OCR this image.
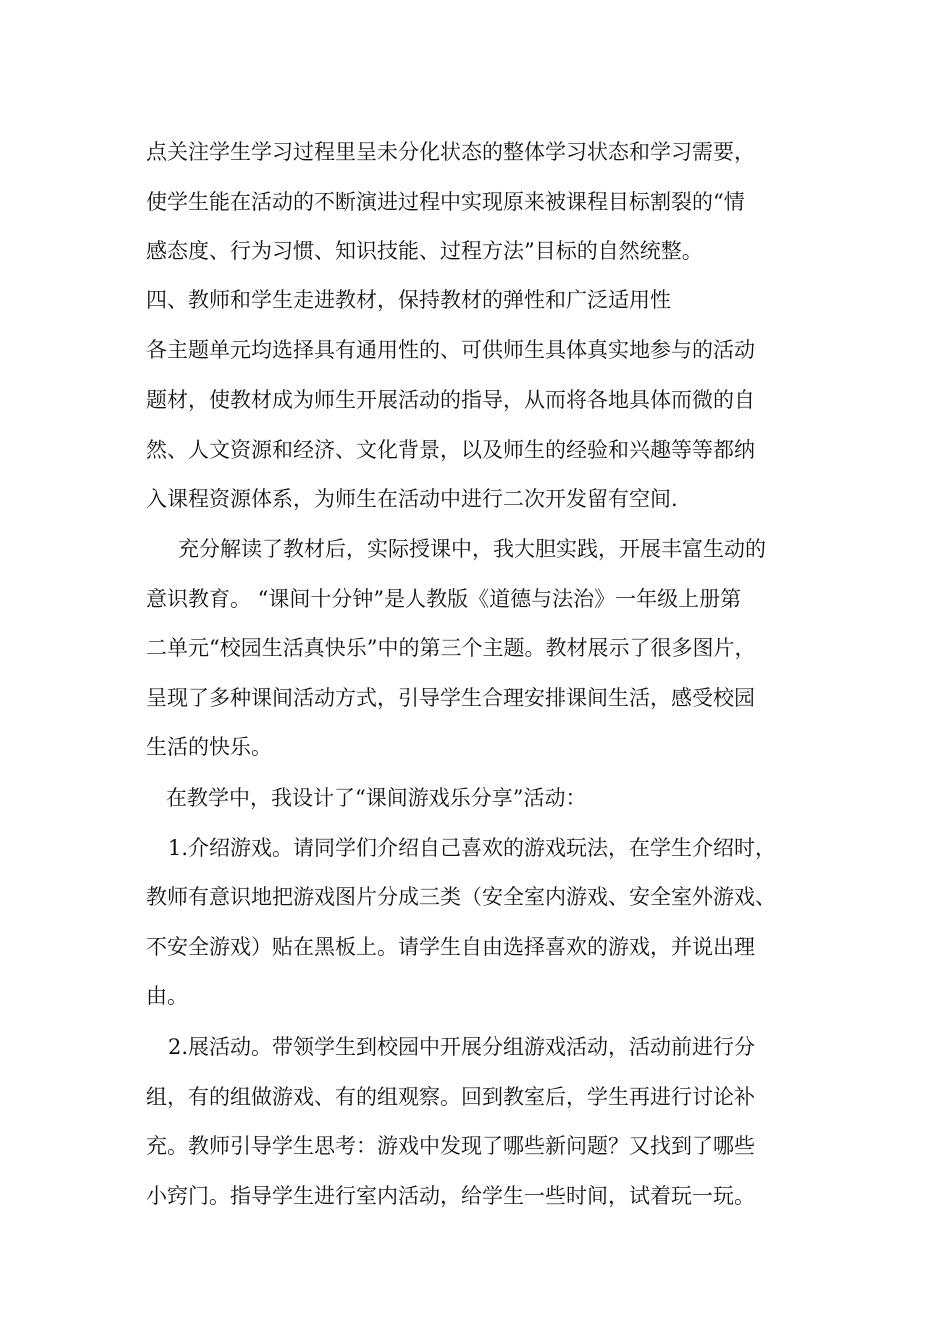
点关注学生学习过程里呈未分化状态的整体学习状态和学习需要，
使学生能在活动的不断演进过程中实现原来被课程目标割裂的“情
感态度、行为习惯、知识技能、过程方法”目标的自然统整。
四、教师和学生走进教材，保持教材的弹性和广泛适用性
各主题单元均选择具有通用性的、可供师生具体真实地参与的活动
题材，使教材成为师生开展活动的指导，从而将各地具体而微的自
然、人文资源和经济、文化背景，以及师生的经验和兴趣等等都纳
入课程资源体系，为师生在活动中进行二次开发留有空间.
充分解读了教材后，实际授课中，我大胆实践，开展丰富生动的
意识教育。 “课间十分钟”是人教版《道德与法治》一年级上册第
二单元“校园生活真快乐”中的第三个主题。教材展示了很多图片，
呈现了多种课间活动方式，引导学生合理安排课间生活，感受校园
生活的快乐。
在教学中，我设计了“课间游戏乐分享”活动：
1.介绍游戏。请同学们介绍自己喜欢的游戏玩法，在学生介绍时，
教师有意识地把游戏图片分成三类（安全室内游戏、安全室外游戏、
不安全游戏）贴在黑板上。请学生自由选择喜欢的游戏，并说出理
由。
2.展活动。带领学生到校园中开展分组游戏活动，活动前进行分
组，有的组做游戏、有的组观察。回到教室后，学生再进行讨论补
充。教师引导学生思考：游戏中发现了哪些新问题？又找到了哪些
小窍门。指导学生进行室内活动，给学生一些时间，试着玩一玩。
